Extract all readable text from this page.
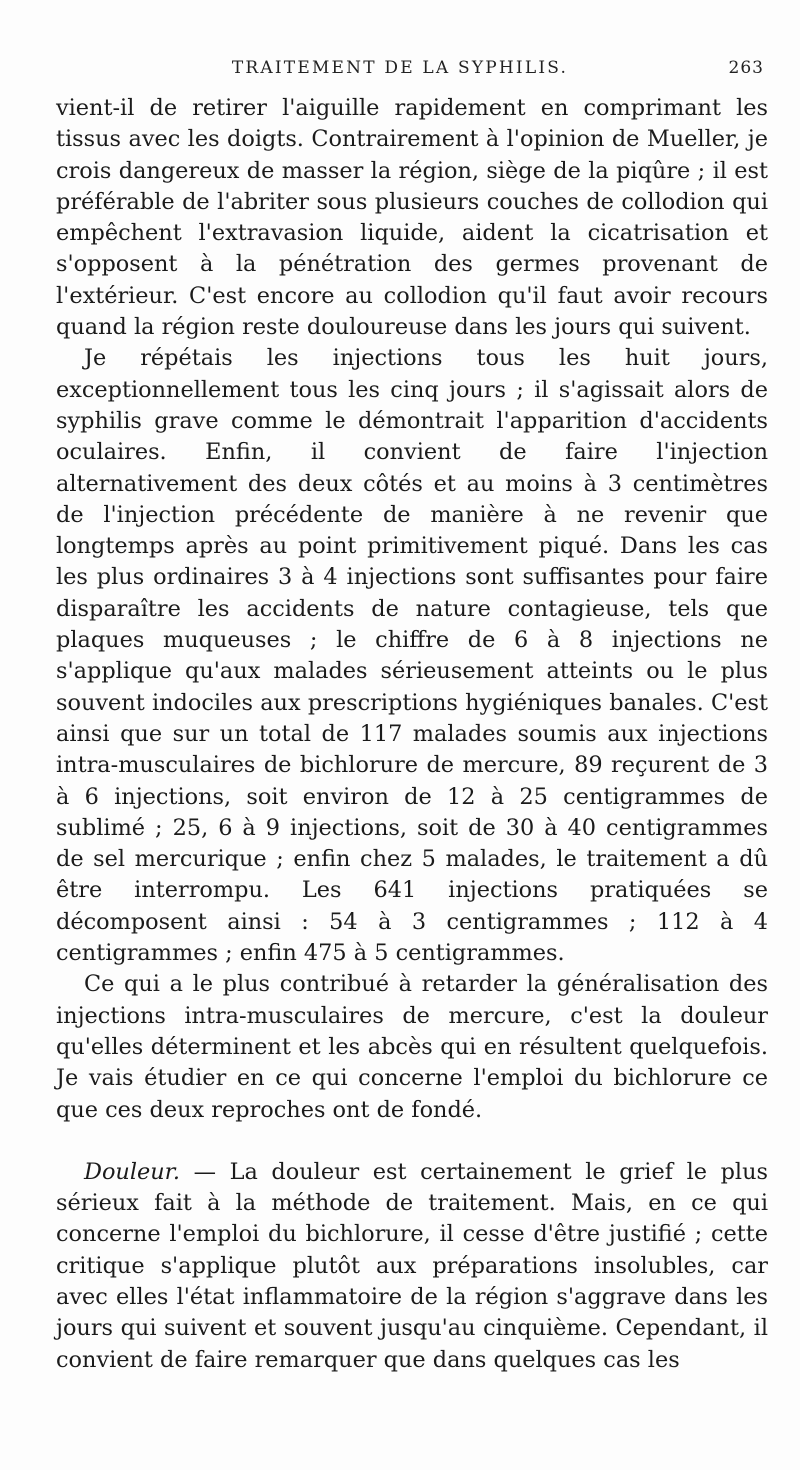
TRAITEMENT DE LA SYPHILIS.	263

vient-il de retirer l'aiguille rapidement en comprimant les tissus avec les doigts. Contrairement à l'opinion de Mueller, je crois dangereux de masser la région, siège de la piqûre ; il est préférable de l'abriter sous plusieurs couches de collodion qui empêchent l'extravasion liquide, aident la cicatrisation et s'opposent à la pénétration des germes provenant de l'extérieur. C'est encore au collodion qu'il faut avoir recours quand la région reste douloureuse dans les jours qui suivent.

Je répétais les injections tous les huit jours, exceptionnellement tous les cinq jours ; il s'agissait alors de syphilis grave comme le démontrait l'apparition d'accidents oculaires. Enfin, il convient de faire l'injection alternativement des deux côtés et au moins à 3 centimètres de l'injection précédente de manière à ne revenir que longtemps après au point primitivement piqué. Dans les cas les plus ordinaires 3 à 4 injections sont suffisantes pour faire disparaître les accidents de nature contagieuse, tels que plaques muqueuses ; le chiffre de 6 à 8 injections ne s'applique qu'aux malades sérieusement atteints ou le plus souvent indociles aux prescriptions hygiéniques banales. C'est ainsi que sur un total de 117 malades soumis aux injections intra-musculaires de bichlorure de mercure, 89 reçurent de 3 à 6 injections, soit environ de 12 à 25 centigrammes de sublimé ; 25, 6 à 9 injections, soit de 30 à 40 centigrammes de sel mercurique ; enfin chez 5 malades, le traitement a dû être interrompu. Les 641 injections pratiquées se décomposent ainsi : 54 à 3 centigrammes ; 112 à 4 centigrammes ; enfin 475 à 5 centigrammes.

Ce qui a le plus contribué à retarder la généralisation des injections intra-musculaires de mercure, c'est la douleur qu'elles déterminent et les abcès qui en résultent quelquefois. Je vais étudier en ce qui concerne l'emploi du bichlorure ce que ces deux reproches ont de fondé.

Douleur. — La douleur est certainement le grief le plus sérieux fait à la méthode de traitement. Mais, en ce qui concerne l'emploi du bichlorure, il cesse d'être justifié ; cette critique s'applique plutôt aux préparations insolubles, car avec elles l'état inflammatoire de la région s'aggrave dans les jours qui suivent et souvent jusqu'au cinquième. Cependant, il convient de faire remarquer que dans quelques cas les
